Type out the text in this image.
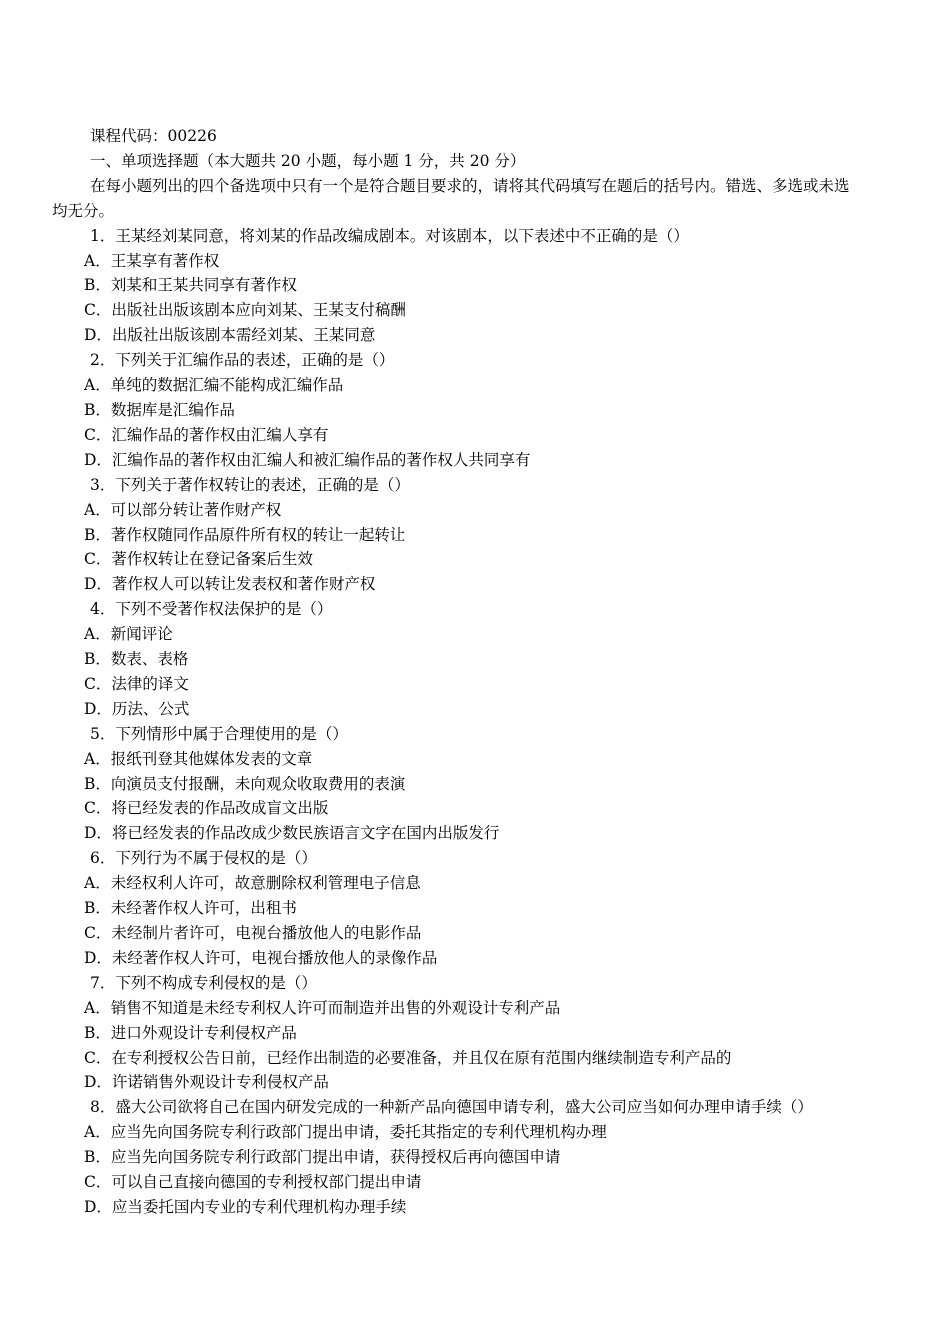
课程代码：00226
一、单项选择题（本大题共 20 小题，每小题 1 分，共 20 分）
在每小题列出的四个备选项中只有一个是符合题目要求的，请将其代码填写在题后的括号内。错选、多选或未选
均无分。
1．王某经刘某同意，将刘某的作品改编成剧本。对该剧本，以下表述中不正确的是（）
A．王某享有著作权
B．刘某和王某共同享有著作权
C．出版社出版该剧本应向刘某、王某支付稿酬
D．出版社出版该剧本需经刘某、王某同意
2．下列关于汇编作品的表述，正确的是（）
A．单纯的数据汇编不能构成汇编作品
B．数据库是汇编作品
C．汇编作品的著作权由汇编人享有
D．汇编作品的著作权由汇编人和被汇编作品的著作权人共同享有
3．下列关于著作权转让的表述，正确的是（）
A．可以部分转让著作财产权
B．著作权随同作品原件所有权的转让一起转让
C．著作权转让在登记备案后生效
D．著作权人可以转让发表权和著作财产权
4．下列不受著作权法保护的是（）
A．新闻评论
B．数表、表格
C．法律的译文
D．历法、公式
5．下列情形中属于合理使用的是（）
A．报纸刊登其他媒体发表的文章
B．向演员支付报酬，未向观众收取费用的表演
C．将已经发表的作品改成盲文出版
D．将已经发表的作品改成少数民族语言文字在国内出版发行
6．下列行为不属于侵权的是（）
A．未经权利人许可，故意删除权利管理电子信息
B．未经著作权人许可，出租书
C．未经制片者许可，电视台播放他人的电影作品
D．未经著作权人许可，电视台播放他人的录像作品
7．下列不构成专利侵权的是（）
A．销售不知道是未经专利权人许可而制造并出售的外观设计专利产品
B．进口外观设计专利侵权产品
C．在专利授权公告日前，已经作出制造的必要准备，并且仅在原有范围内继续制造专利产品的
D．许诺销售外观设计专利侵权产品
8．盛大公司欲将自己在国内研发完成的一种新产品向德国申请专利，盛大公司应当如何办理申请手续（）
A．应当先向国务院专利行政部门提出申请，委托其指定的专利代理机构办理
B．应当先向国务院专利行政部门提出申请，获得授权后再向德国申请
C．可以自己直接向德国的专利授权部门提出申请
D．应当委托国内专业的专利代理机构办理手续
